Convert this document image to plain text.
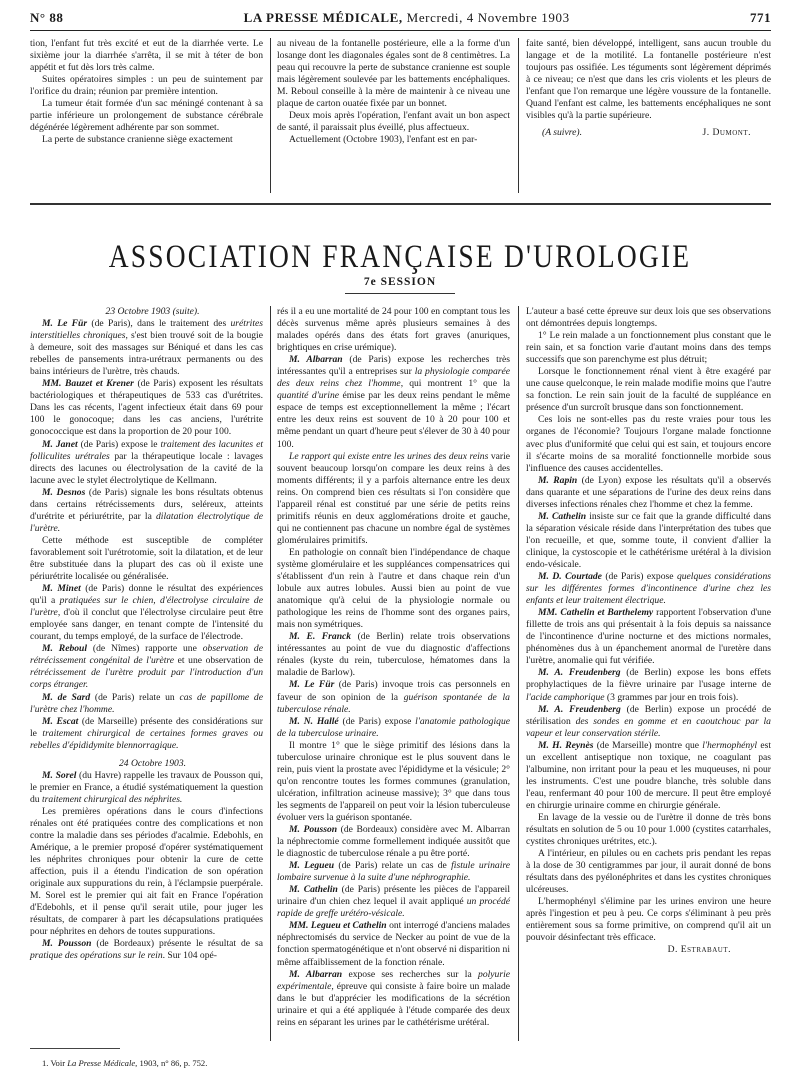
N° 88	LA PRESSE MÉDICALE, Mercredi, 4 Novembre 1903	771

tion, l'enfant fut très excité et eut de la diarrhée verte. Le sixième jour la diarrhée s'arrêta, il se mit à téter de bon appétit et fut dès lors très calme.

Suites opératoires simples : un peu de suintement par l'orifice du drain; réunion par première intention.

La tumeur était formée d'un sac méningé contenant à sa partie inférieure un prolongement de substance cérébrale dégénérée légèrement adhérente par son sommet.

La perte de substance cranienne siège exactement

au niveau de la fontanelle postérieure, elle a la forme d'un losange dont les diagonales égales sont de 8 centimètres. La peau qui recouvre la perte de substance cranienne est souple mais légèrement soulevée par les battements encéphaliques. M. Reboul conseille à la mère de maintenir à ce niveau une plaque de carton ouatée fixée par un bonnet.

Deux mois après l'opération, l'enfant avait un bon aspect de santé, il paraissait plus éveillé, plus affectueux.

Actuellement (Octobre 1903), l'enfant est en par-

faite santé, bien développé, intelligent, sans aucun trouble du langage et de la motilité. La fontanelle postérieure n'est toujours pas ossifiée. Les téguments sont légèrement déprimés à ce niveau; ce n'est que dans les cris violents et les pleurs de l'enfant que l'on remarque une légère voussure de la fontanelle. Quand l'enfant est calme, les battements encéphaliques ne sont visibles qu'à la partie supérieure.

(A suivre).	J. Dumont.

ASSOCIATION FRANÇAISE D'UROLOGIE
7e SESSION

23 Octobre 1903 (suite).

M. Le Für (de Paris), dans le traitement des urétrites interstitielles chroniques, s'est bien trouvé soit de la bougie à demeure, soit des massages sur Béniqué et dans les cas rebelles de pansements intra-urétraux permanents ou des bains intérieurs de l'urètre, très chauds.

MM. Bauzet et Krener (de Paris) exposent les résultats bactériologiques et thérapeutiques de 533 cas d'urétrites. Dans les cas récents, l'agent infectieux était dans 69 pour 100 le gonocoque; dans les cas anciens, l'urétrite gonococcique est dans la proportion de 20 pour 100.

M. Janet (de Paris) expose le traitement des lacunites et folliculites urétrales par la thérapeutique locale : lavages directs des lacunes ou électrolysation de la cavité de la lacune avec le stylet électrolytique de Kellmann.

M. Desnos (de Paris) signale les bons résultats obtenus dans certains rétrécissements durs, seléreux, atteints d'urétrite et périurétrite, par la dilatation électrolytique de l'urètre.

Cette méthode est susceptible de compléter favorablement soit l'urétrotomie, soit la dilatation, et de leur être substituée dans la plupart des cas où il existe une périurétrite localisée ou généralisée.

M. Minet (de Paris) donne le résultat des expériences qu'il a pratiquées sur le chien, d'électrolyse circulaire de l'urètre, d'où il conclut que l'électrolyse circulaire peut être employée sans danger, en tenant compte de l'intensité du courant, du temps employé, de la surface de l'électrode.

M. Reboul (de Nîmes) rapporte une observation de rétrécissement congénital de l'urètre et une observation de rétrécissement de l'urètre produit par l'introduction d'un corps étranger.

M. de Sard (de Paris) relate un cas de papillome de l'urètre chez l'homme.

M. Escat (de Marseille) présente des considérations sur le traitement chirurgical de certaines formes graves ou rebelles d'épididymite blennorragique.

24 Octobre 1903.

M. Sorel (du Havre) rappelle les travaux de Pousson qui, le premier en France, a étudié systématiquement la question du traitement chirurgical des néphrites.

Les premières opérations dans le cours d'infections rénales ont été pratiquées contre des complications et non contre la maladie dans ses périodes d'acalmie. Edebohls, en Amérique, a le premier proposé d'opérer systématiquement les néphrites chroniques pour obtenir la cure de cette affection, puis il a étendu l'indication de son opération originale aux suppurations du rein, à l'éclampsie puerpérale. M. Sorel est le premier qui ait fait en France l'opération d'Edebohls, et il pense qu'il serait utile, pour juger les résultats, de comparer à part les décapsulations pratiquées pour néphrites en dehors de toutes suppurations.

M. Pousson (de Bordeaux) présente le résultat de sa pratique des opérations sur le rein. Sur 104 opé-

rés il a eu une mortalité de 24 pour 100 en comptant tous les décès survenus même après plusieurs semaines à des malades opérés dans des états fort graves (anuriques, brightiques en crise urémique).

M. Albarran (de Paris) expose les recherches très intéressantes qu'il a entreprises sur la physiologie comparée des deux reins chez l'homme, qui montrent 1° que la quantité d'urine émise par les deux reins pendant le même espace de temps est exceptionnellement la même ; l'écart entre les deux reins est souvent de 10 à 20 pour 100 et même pendant un quart d'heure peut s'élever de 30 à 40 pour 100.

Le rapport qui existe entre les urines des deux reins varie souvent beaucoup lorsqu'on compare les deux reins à des moments différents; il y a parfois alternance entre les deux reins. On comprend bien ces résultats si l'on considère que l'appareil rénal est constitué par une série de petits reins primitifs réunis en deux agglomérations droite et gauche, qui ne contiennent pas chacune un nombre égal de systèmes glomérulaires primitifs.

En pathologie on connaît bien l'indépendance de chaque système glomérulaire et les suppléances compensatrices qui s'établissent d'un rein à l'autre et dans chaque rein d'un lobule aux autres lobules. Aussi bien au point de vue anatomique qu'à celui de la physiologie normale ou pathologique les reins de l'homme sont des organes pairs, mais non symétriques.

M. E. Franck (de Berlin) relate trois observations intéressantes au point de vue du diagnostic d'affections rénales (kyste du rein, tuberculose, hématomes dans la maladie de Barlow).

M. Le Für (de Paris) invoque trois cas personnels en faveur de son opinion de la guérison spontanée de la tuberculose rénale.

M. N. Hallé (de Paris) expose l'anatomie pathologique de la tuberculose urinaire.

Il montre 1° que le siège primitif des lésions dans la tuberculose urinaire chronique est le plus souvent dans le rein, puis vient la prostate avec l'épididyme et la vésicule; 2° qu'on rencontre toutes les formes communes (granulation, ulcération, infiltration acineuse massive); 3° que dans tous les segments de l'appareil on peut voir la lésion tuberculeuse évoluer vers la guérison spontanée.

M. Pousson (de Bordeaux) considère avec M. Albarran la néphrectomie comme formellement indiquée aussitôt que le diagnostic de tuberculose rénale a pu être porté.

M. Legueu (de Paris) relate un cas de fistule urinaire lombaire survenue à la suite d'une néphrographie.

M. Cathelin (de Paris) présente les pièces de l'appareil urinaire d'un chien chez lequel il avait appliqué un procédé rapide de greffe urétéro-vésicale.

MM. Legueu et Cathelin ont interrogé d'anciens malades néphrectomisés du service de Necker au point de vue de la fonction spermatogénétique et n'ont observé ni disparition ni même affaiblissement de la fonction rénale.

M. Albarran expose ses recherches sur la polyurie expérimentale, épreuve qui consiste à faire boire un malade dans le but d'apprécier les modifications de la sécrétion urinaire et qui a été appliquée à l'étude comparée des deux reins en séparant les urines par le cathétérisme urétéral.

L'auteur a basé cette épreuve sur deux lois que ses observations ont démontrées depuis longtemps.

1° Le rein malade a un fonctionnement plus constant que le rein sain, et sa fonction varie d'autant moins dans des temps successifs que son parenchyme est plus détruit;

Lorsque le fonctionnement rénal vient à être exagéré par une cause quelconque, le rein malade modifie moins que l'autre sa fonction. Le rein sain jouit de la faculté de suppléance en présence d'un surcroît brusque dans son fonctionnement.

Ces lois ne sont-elles pas du reste vraies pour tous les organes de l'économie? Toujours l'organe malade fonctionne avec plus d'uniformité que celui qui est sain, et toujours encore il s'écarte moins de sa moralité fonctionnelle morbide sous l'influence des causes accidentelles.

M. Rapin (de Lyon) expose les résultats qu'il a observés dans quarante et une séparations de l'urine des deux reins dans diverses infections rénales chez l'homme et chez la femme.

M. Cathelin insiste sur ce fait que la grande difficulté dans la séparation vésicale réside dans l'interprétation des tubes que l'on recueille, et que, somme toute, il convient d'allier la clinique, la cystoscopie et le cathétérisme urétéral à la division endo-vésicale.

M. D. Courtade (de Paris) expose quelques considérations sur les différentes formes d'incontinence d'urine chez les enfants et leur traitement électrique.

MM. Cathelin et Barthelemy rapportent l'observation d'une fillette de trois ans qui présentait à la fois depuis sa naissance de l'incontinence d'urine nocturne et des mictions normales, phénomènes dus à un épanchement anormal de l'uretère dans l'urètre, anomalie qui fut vérifiée.

M. A. Freudenberg (de Berlin) expose les bons effets prophylactiques de la fièvre urinaire par l'usage interne de l'acide camphorique (3 grammes par jour en trois fois).

M. A. Freudenberg (de Berlin) expose un procédé de stérilisation des sondes en gomme et en caoutchouc par la vapeur et leur conservation stérile.

M. H. Reynès (de Marseille) montre que l'hermophényl est un excellent antiseptique non toxique, ne coagulant pas l'albumine, non irritant pour la peau et les muqueuses, ni pour les instruments. C'est une poudre blanche, très soluble dans l'eau, renfermant 40 pour 100 de mercure. Il peut être employé en chirurgie urinaire comme en chirurgie générale.

En lavage de la vessie ou de l'urètre il donne de très bons résultats en solution de 5 ou 10 pour 1.000 (cystites catarrhales, cystites chroniques urétrites, etc.).

A l'intérieur, en pilules ou en cachets pris pendant les repas à la dose de 30 centigrammes par jour, il aurait donné de bons résultats dans des pyélonéphrites et dans les cystites chroniques ulcéreuses.

L'hermophényl s'élimine par les urines environ une heure après l'ingestion et peu à peu. Ce corps s'éliminant à peu près entièrement sous sa forme primitive, on comprend qu'il ait un pouvoir désinfectant très efficace.

D. Estrabaut.

1. Voir La Presse Médicale, 1903, n° 86, p. 752.
